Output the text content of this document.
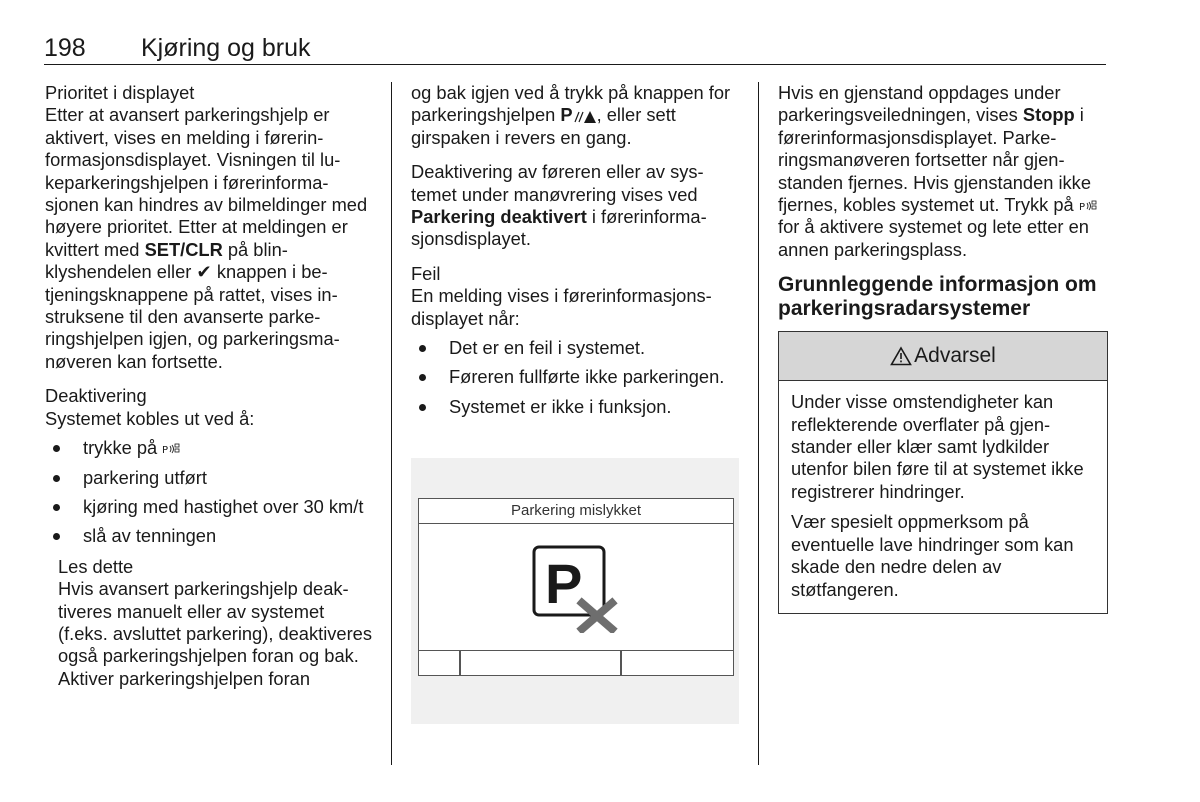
198 Kjøring og bruk

Prioritet i displayet

Etter at avansert parkeringshjelp er aktivert, vises en melding i førerinformasjonsdisplayet. Visningen til lukeparkeringshjelpen i førerinformasjonen kan hindres av bilmeldinger med høyere prioritet. Etter at meldingen er kvittert med SET/CLR på blinklyshendelen eller ✔ knappen i betjeningsknappene på rattet, vises instruksene til den avanserte parkeringshjelpen igjen, og parkeringsmanøveren kan fortsette.

Deaktivering

Systemet kobles ut ved å:

trykke på P
parkering utført
kjøring med hastighet over 30 km/t
slå av tenningen

Les dette

Hvis avansert parkeringshjelp deaktiveres manuelt eller av systemet (f.eks. avsluttet parkering), deaktiveres også parkeringshjelpen foran og bak. Aktiver parkeringshjelpen foran

og bak igjen ved å trykk på knappen for parkeringshjelpen P , eller sett girspaken i revers en gang.

Deaktivering av føreren eller av systemet under manøvrering vises ved Parkering deaktivert i førerinformasjonsdisplayet.

Feil

En melding vises i førerinformasjonsdisplayet når:

Det er en feil i systemet.
Føreren fullførte ikke parkeringen.
Systemet er ikke i funksjon.
Parkering mislykket
P

Hvis en gjenstand oppdages under parkeringsveiledningen, vises Stopp i førerinformasjonsdisplayet. Parkeringsmanøveren fortsetter når gjenstanden fjernes. Hvis gjenstanden ikke fjernes, kobles systemet ut. Trykk på P
for å aktivere systemet og lete etter en annen parkeringsplass.

Grunnleggende informasjon om parkeringsradarsystemer

Advarsel

Under visse omstendigheter kan reflekterende overflater på gjenstander eller klær samt lydkilder utenfor bilen føre til at systemet ikke registrerer hindringer.

Vær spesielt oppmerksom på eventuelle lave hindringer som kan skade den nedre delen av støtfangeren.
